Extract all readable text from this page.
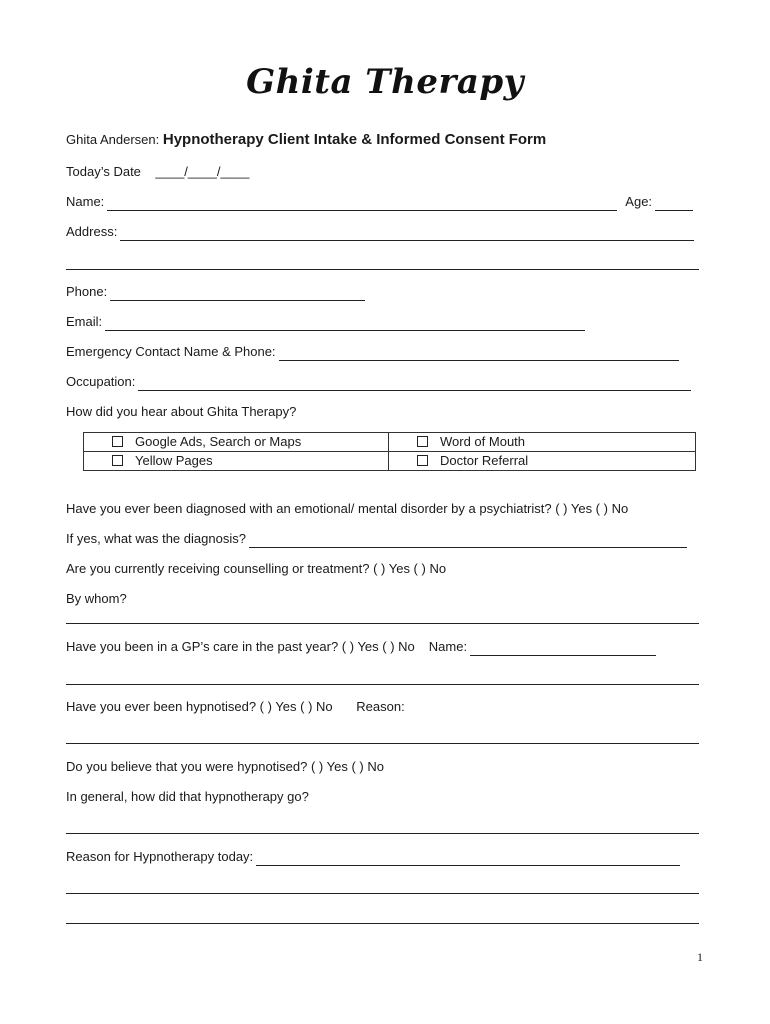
Ghita Therapy
Ghita Andersen: Hypnotherapy Client Intake & Informed Consent Form
Today’s Date ____/____/____
Name:	Age:
Address:
Phone:
Email:
Emergency Contact Name & Phone:
Occupation:
How did you hear about Ghita Therapy?
Google Ads, Search or Maps	Word of Mouth
Yellow Pages	Doctor Referral
Have you ever been diagnosed with an emotional/ mental disorder by a psychiatrist? ( ) Yes ( ) No
If yes, what was the diagnosis?
Are you currently receiving counselling or treatment? ( ) Yes ( ) No
By whom?
Have you been in a GP’s care in the past year? ( ) Yes ( ) No Name:
Have you ever been hypnotised? ( ) Yes ( ) No Reason:
Do you believe that you were hypnotised? ( ) Yes ( ) No
In general, how did that hypnotherapy go?
Reason for Hypnotherapy today:
1
